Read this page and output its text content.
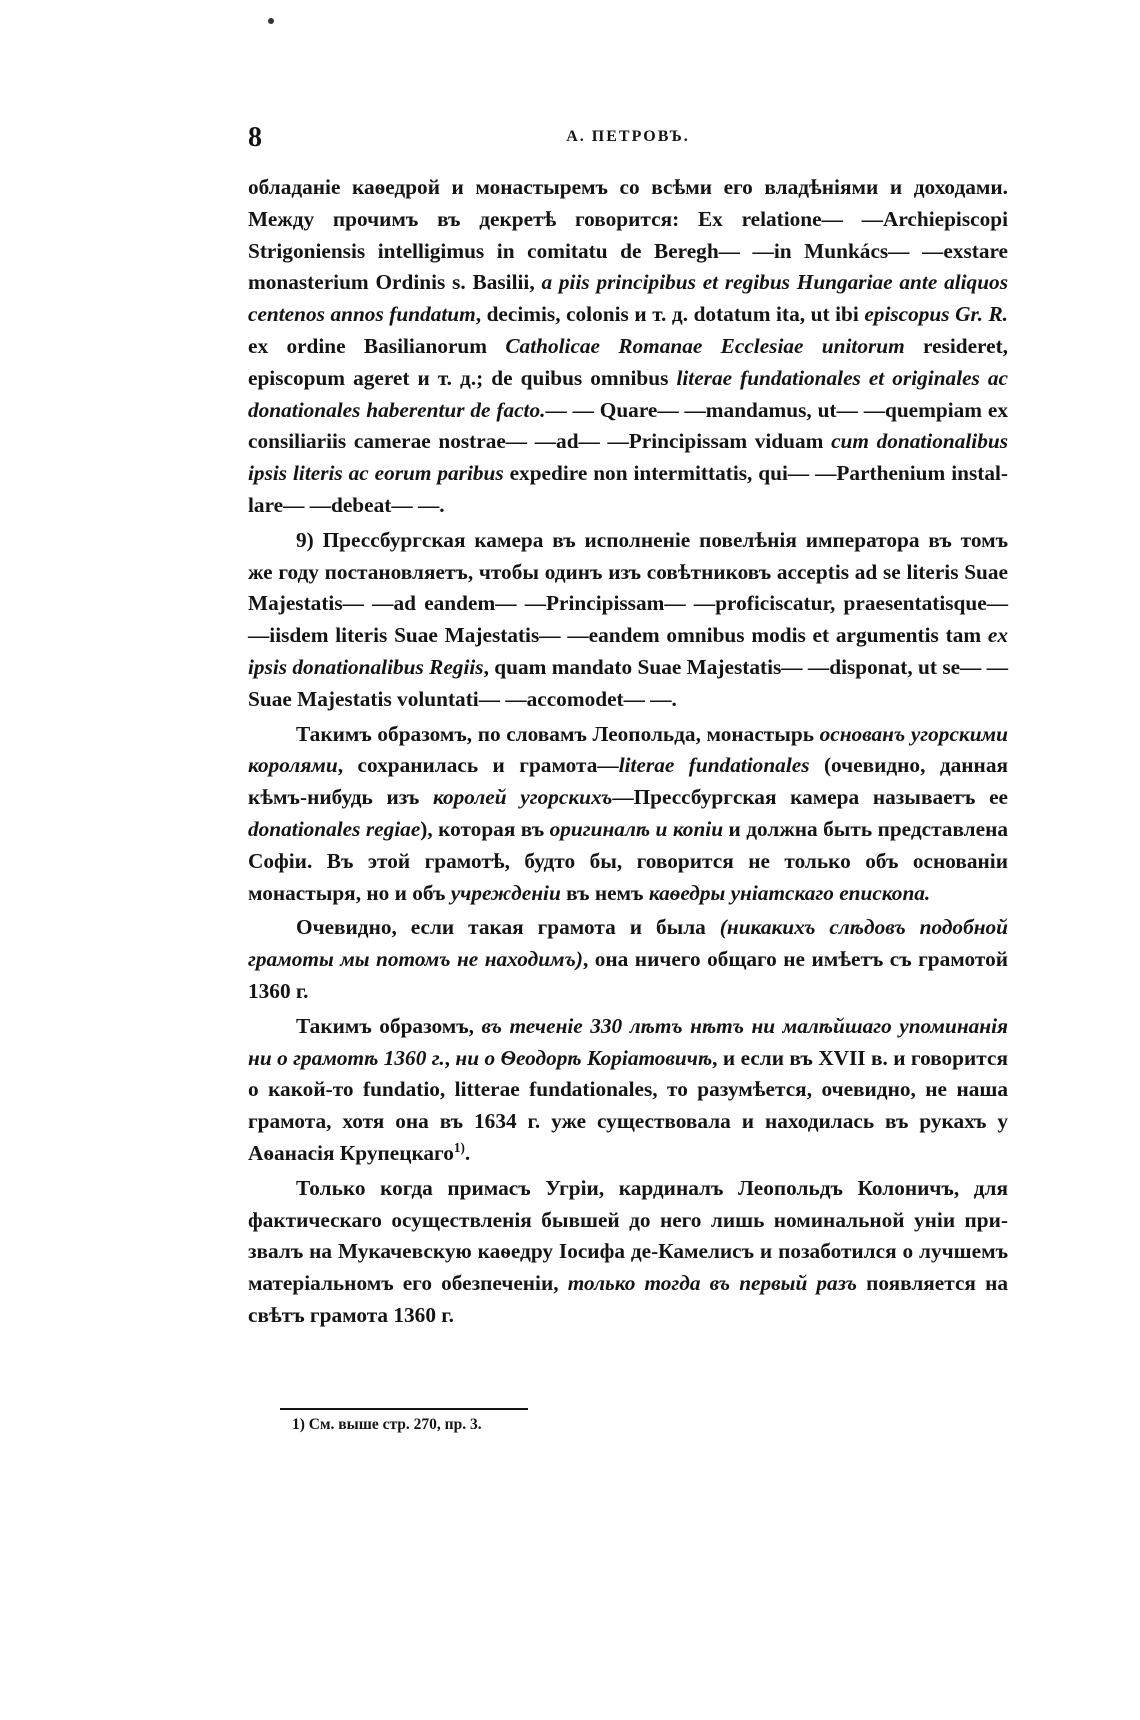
8	А. ПЕТРОВЪ.

обладаніе каѳедрой и монастыремъ со всѣми его владѣніями и доходами. Между прочимъ въ декретѣ говорится: Ex relatione— —Archiepiscopi Strigoniensis intelligimus in comitatu de Beregh— —in Munkács— —exstare monasterium Ordinis s. Basilii, a piis principibus et regibus Hungariae ante aliquos centenos annos fundatum, decimis, colonis и т. д. dotatum ita, ut ibi episcopus Gr. R. ex ordine Basilianorum Catholicae Romanae Ecclesiae unitorum resideret, episcopum ageret и т. д.; de quibus omnibus literae fundationales et originales ac donationales haberentur de facto.— — Quare— —mandamus, ut— —quempiam ex consiliariis camerae nostrae— —ad— —Principissam viduam cum donationalibus ipsis literis ac eorum paribus expedire non intermittatis, qui— —Parthenium installare— —debeat— —.

9) Прессбургская камера въ исполненіе повелѣнія императора въ томъ же году постановляетъ, чтобы одинъ изъ совѣтниковъ acceptis ad se literis Suae Majestatis— —ad eandem— —Principissam— —proficiscatur, praesentatisque— —iisdem literis Suae Majestatis— —eandem omnibus modis et argumentis tam ex ipsis donationalibus Regiis, quam mandato Suae Majestatis— —disponat, ut se— —Suae Majestatis voluntati— —accomodet— —.

Такимъ образомъ, по словамъ Леопольда, монастырь основанъ угорскими королями, сохранилась и грамота—literae fundationales (очевидно, данная кѣмъ-нибудь изъ королей угорскихъ—Прессбургская камера называетъ ее donationales regiae), которая въ оригиналѣ и копіи и должна быть представлена Софіи. Въ этой грамотѣ, будто бы, говорится не только объ основаніи монастыря, но и объ учрежденіи въ немъ каѳедры уніатскаго епископа.

Очевидно, если такая грамота и была (никакихъ слѣдовъ подобной грамоты мы потомъ не находимъ), она ничего общаго не имѣетъ съ грамотой 1360 г.

Такимъ образомъ, въ теченіе 330 лѣтъ нѣтъ ни малѣйшаго упоминанія ни о грамотѣ 1360 г., ни о Ѳеодорѣ Коріатовичѣ, и если въ XVII в. и говорится о какой-то fundatio, litterae fundationales, то разумѣется, очевидно, не наша грамота, хотя она въ 1634 г. уже существовала и находилась въ рукахъ у Аѳанасія Крупецкаго$^{1)}$.

Только когда примасъ Угріи, кардиналъ Леопольдъ Колоничъ, для фактическаго осуществленія бывшей до него лишь номинальной уніи призвалъ на Мукачевскую каѳедру Іосифа де-Камелисъ и позаботился о лучшемъ матеріальномъ его обезпеченіи, только тогда въ первый разъ появляется на свѣтъ грамота 1360 г.

1) См. выше стр. 270, пр. 3.
